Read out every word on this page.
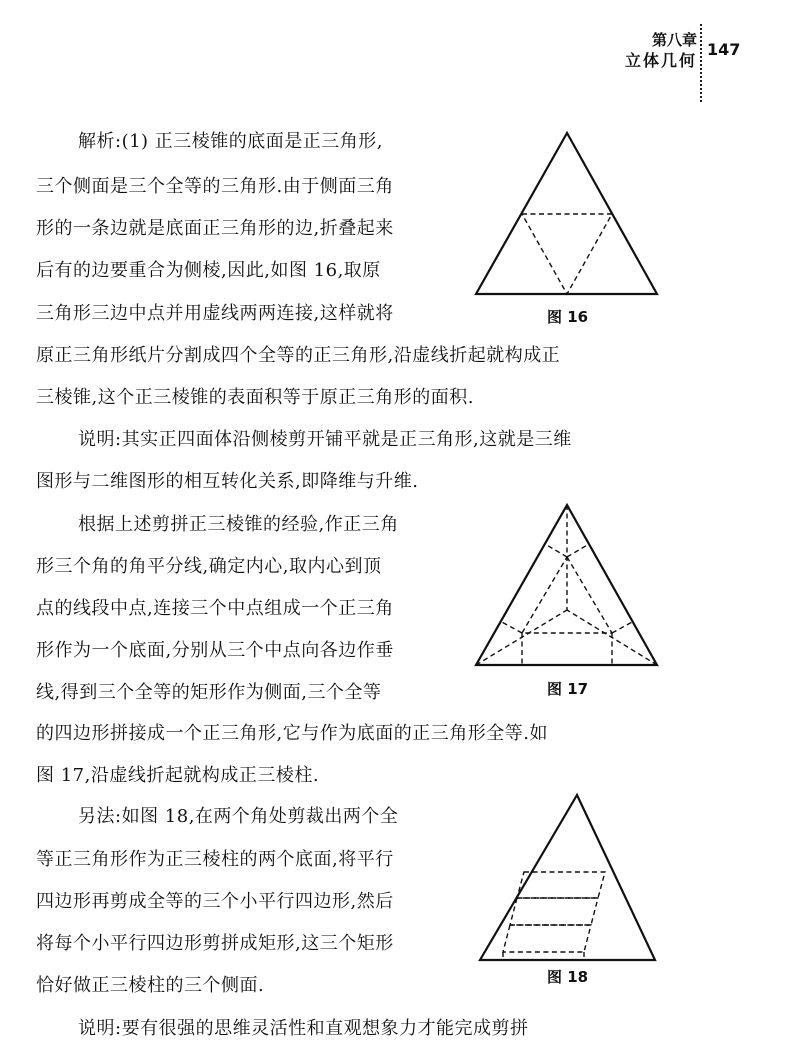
第八章
立体几何
147
解析:(1) 正三棱锥的底面是正三角形,
三个侧面是三个全等的三角形.由于侧面三角
形的一条边就是底面正三角形的边,折叠起来
后有的边要重合为侧棱,因此,如图 16,取原
三角形三边中点并用虚线两两连接,这样就将
原正三角形纸片分割成四个全等的正三角形,沿虚线折起就构成正
三棱锥,这个正三棱锥的表面积等于原正三角形的面积.
说明:其实正四面体沿侧棱剪开铺平就是正三角形,这就是三维
图形与二维图形的相互转化关系,即降维与升维.
根据上述剪拼正三棱锥的经验,作正三角
形三个角的角平分线,确定内心,取内心到顶
点的线段中点,连接三个中点组成一个正三角
形作为一个底面,分别从三个中点向各边作垂
线,得到三个全等的矩形作为侧面,三个全等
的四边形拼接成一个正三角形,它与作为底面的正三角形全等.如
图 17,沿虚线折起就构成正三棱柱.
另法:如图 18,在两个角处剪裁出两个全
等正三角形作为正三棱柱的两个底面,将平行
四边形再剪成全等的三个小平行四边形,然后
将每个小平行四边形剪拼成矩形,这三个矩形
恰好做正三棱柱的三个侧面.
说明:要有很强的思维灵活性和直观想象力才能完成剪拼
图 16
图 17
图 18
